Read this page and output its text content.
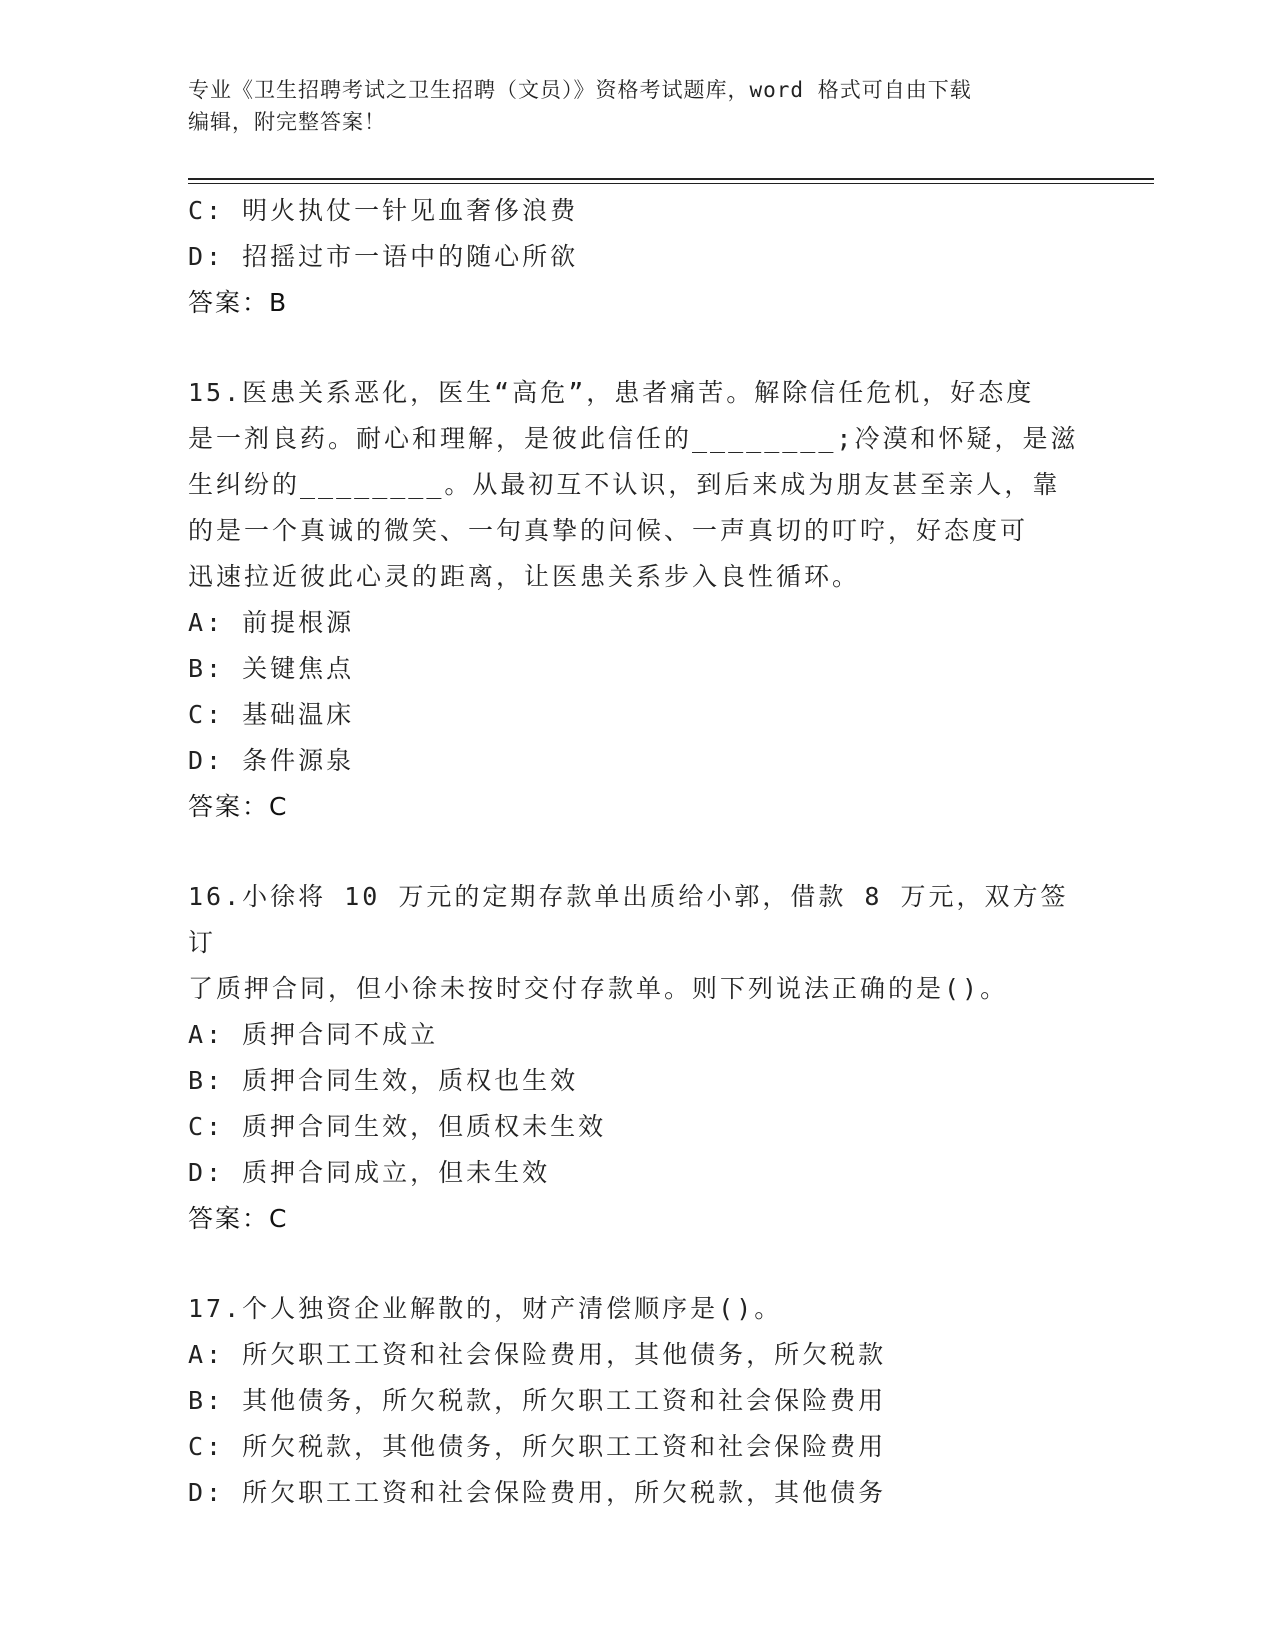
专业《卫生招聘考试之卫生招聘（文员）》资格考试题库，word 格式可自由下载
编辑，附完整答案！
C: 明火执仗一针见血奢侈浪费
D: 招摇过市一语中的随心所欲
答案：B
15.医患关系恶化，医生“高危”，患者痛苦。解除信任危机，好态度
是一剂良药。耐心和理解，是彼此信任的________;冷漠和怀疑，是滋
生纠纷的________。从最初互不认识，到后来成为朋友甚至亲人，靠
的是一个真诚的微笑、一句真挚的问候、一声真切的叮咛，好态度可
迅速拉近彼此心灵的距离，让医患关系步入良性循环。
A: 前提根源
B: 关键焦点
C: 基础温床
D: 条件源泉
答案：C
16.小徐将 10 万元的定期存款单出质给小郭，借款 8 万元，双方签订
了质押合同，但小徐未按时交付存款单。则下列说法正确的是()。
A: 质押合同不成立
B: 质押合同生效，质权也生效
C: 质押合同生效，但质权未生效
D: 质押合同成立，但未生效
答案：C
17.个人独资企业解散的，财产清偿顺序是()。
A: 所欠职工工资和社会保险费用，其他债务，所欠税款
B: 其他债务，所欠税款，所欠职工工资和社会保险费用
C: 所欠税款，其他债务，所欠职工工资和社会保险费用
D: 所欠职工工资和社会保险费用，所欠税款，其他债务
